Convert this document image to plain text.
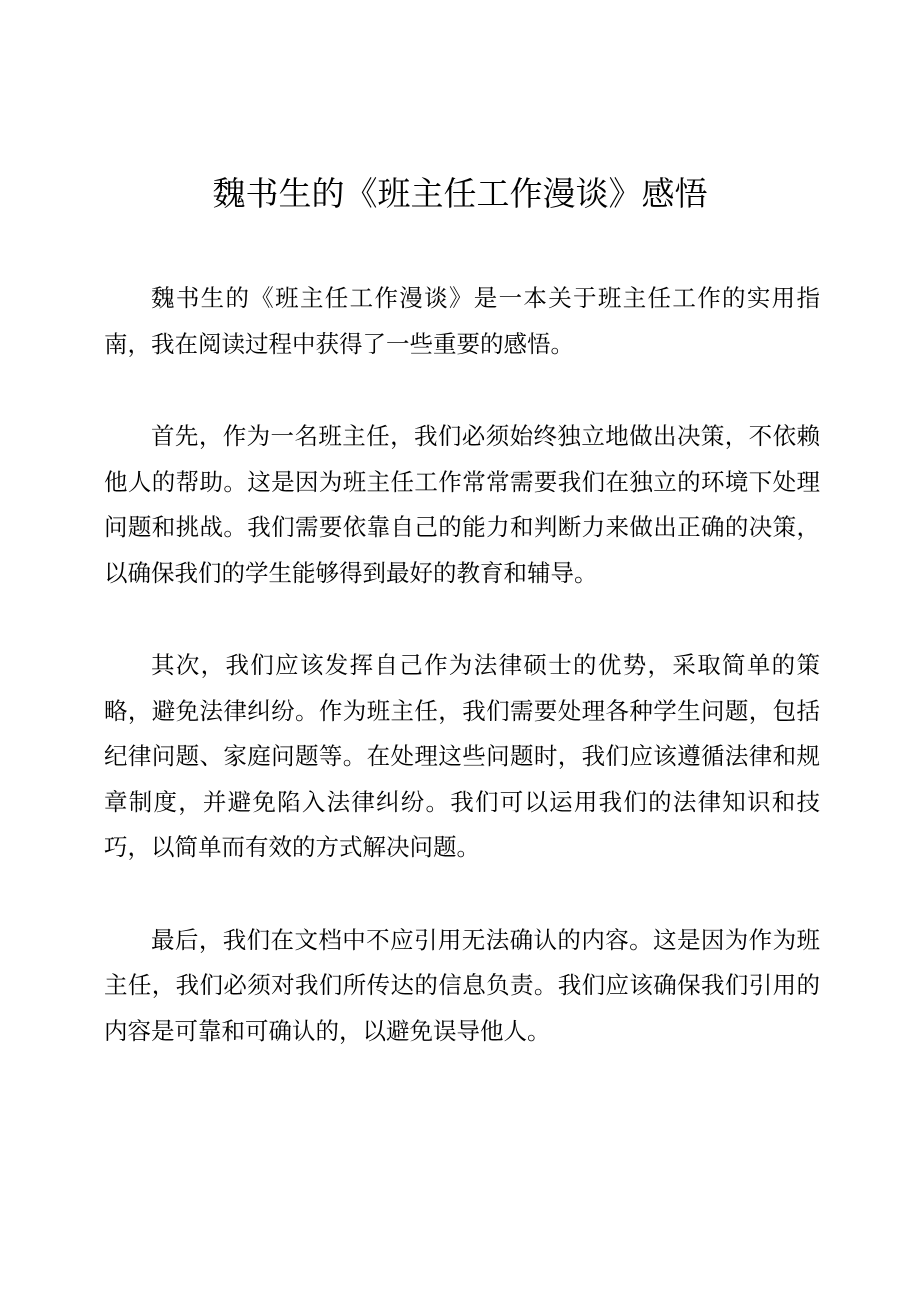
魏书生的《班主任工作漫谈》感悟

魏书生的《班主任工作漫谈》是一本关于班主任工作的实用指南，我在阅读过程中获得了一些重要的感悟。

首先，作为一名班主任，我们必须始终独立地做出决策，不依赖他人的帮助。这是因为班主任工作常常需要我们在独立的环境下处理问题和挑战。我们需要依靠自己的能力和判断力来做出正确的决策，以确保我们的学生能够得到最好的教育和辅导。

其次，我们应该发挥自己作为法律硕士的优势，采取简单的策略，避免法律纠纷。作为班主任，我们需要处理各种学生问题，包括纪律问题、家庭问题等。在处理这些问题时，我们应该遵循法律和规章制度，并避免陷入法律纠纷。我们可以运用我们的法律知识和技巧，以简单而有效的方式解决问题。

最后，我们在文档中不应引用无法确认的内容。这是因为作为班主任，我们必须对我们所传达的信息负责。我们应该确保我们引用的内容是可靠和可确认的，以避免误导他人。
